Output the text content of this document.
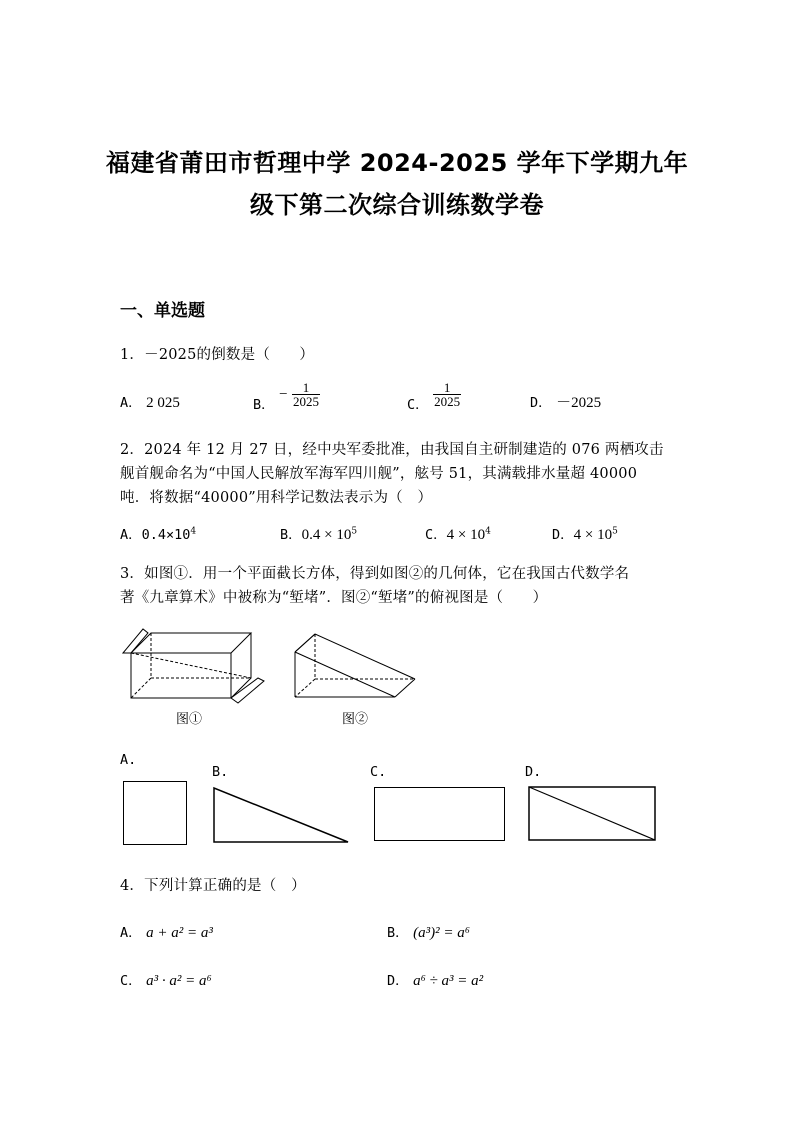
福建省莆田市哲理中学 2024-2025 学年下学期九年
级下第二次综合训练数学卷
一、单选题
1．－2025的倒数是（　　）
A． 2 025	B． − $\frac{1}{2025}$	C． $\frac{1}{2025}$	D． －2025
2．2024 年 12 月 27 日，经中央军委批准，由我国自主研制建造的 076 两栖攻击
舰首舰命名为“中国人民解放军海军四川舰”，舷号 51，其满载排水量超 40000
吨．将数据“40000”用科学记数法表示为（　）
A．$0.4\times 10^4$	B．$0.4 \times 10^5$	C．$4 \times 10^4$	D．$4 \times 10^5$
3．如图①．用一个平面截长方体，得到如图②的几何体，它在我国古代数学名
著《九章算术》中被称为“堑堵”．图②“堑堵”的俯视图是（　　）
图①	图②
A.
B.	C.	D.
4．下列计算正确的是（　）
A． a + a² = a³	B． (a³)² = a⁶
C． a³ · a² = a⁶	D． a⁶ ÷ a³ = a²
